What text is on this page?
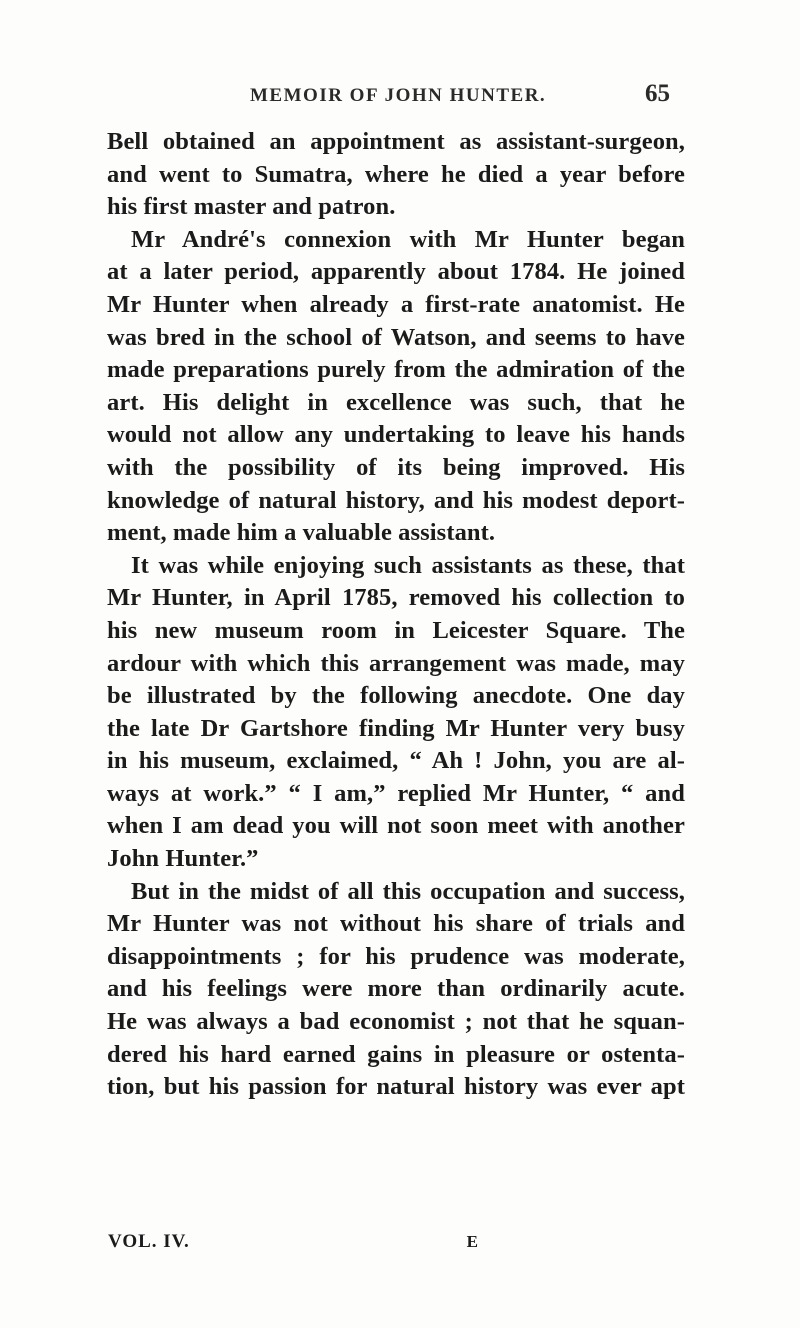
MEMOIR OF JOHN HUNTER.	65
Bell obtained an appointment as assistant-surgeon,
and went to Sumatra, where he died a year before
his first master and patron.
Mr André's connexion with Mr Hunter began
at a later period, apparently about 1784. He joined
Mr Hunter when already a first-rate anatomist. He
was bred in the school of Watson, and seems to have
made preparations purely from the admiration of the
art. His delight in excellence was such, that he
would not allow any undertaking to leave his hands
with the possibility of its being improved. His
knowledge of natural history, and his modest deport-
ment, made him a valuable assistant.
It was while enjoying such assistants as these, that
Mr Hunter, in April 1785, removed his collection to
his new museum room in Leicester Square. The
ardour with which this arrangement was made, may
be illustrated by the following anecdote. One day
the late Dr Gartshore finding Mr Hunter very busy
in his museum, exclaimed, “ Ah ! John, you are al-
ways at work.” “ I am,” replied Mr Hunter, “ and
when I am dead you will not soon meet with another
John Hunter.”
But in the midst of all this occupation and success,
Mr Hunter was not without his share of trials and
disappointments ; for his prudence was moderate,
and his feelings were more than ordinarily acute.
He was always a bad economist ; not that he squan-
dered his hard earned gains in pleasure or ostenta-
tion, but his passion for natural history was ever apt
VOL. IV.	E
